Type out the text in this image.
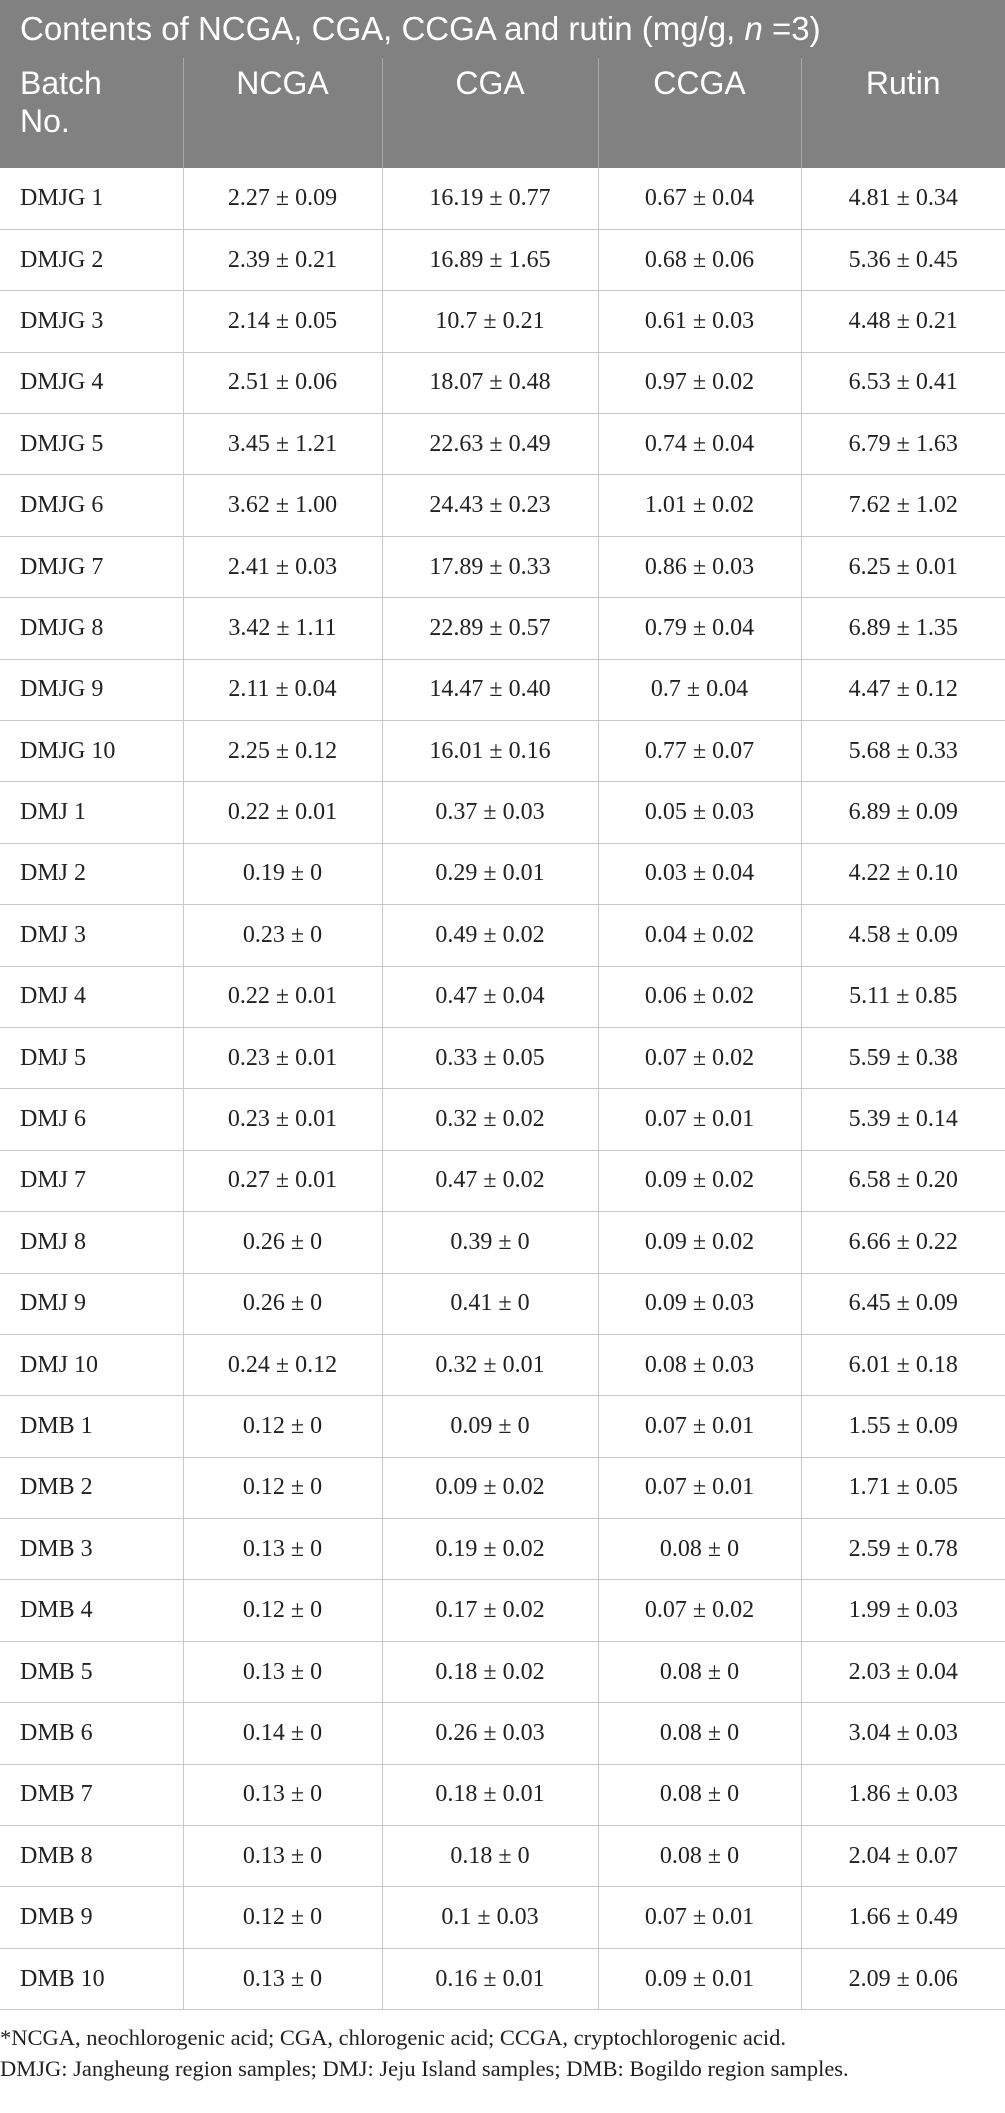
Contents of NCGA, CGA, CCGA and rutin (mg/g, n =3)
Batch No.	NCGA	CGA	CCGA	Rutin
DMJG 1	2.27 ± 0.09	16.19 ± 0.77	0.67 ± 0.04	4.81 ± 0.34
DMJG 2	2.39 ± 0.21	16.89 ± 1.65	0.68 ± 0.06	5.36 ± 0.45
DMJG 3	2.14 ± 0.05	10.7 ± 0.21	0.61 ± 0.03	4.48 ± 0.21
DMJG 4	2.51 ± 0.06	18.07 ± 0.48	0.97 ± 0.02	6.53 ± 0.41
DMJG 5	3.45 ± 1.21	22.63 ± 0.49	0.74 ± 0.04	6.79 ± 1.63
DMJG 6	3.62 ± 1.00	24.43 ± 0.23	1.01 ± 0.02	7.62 ± 1.02
DMJG 7	2.41 ± 0.03	17.89 ± 0.33	0.86 ± 0.03	6.25 ± 0.01
DMJG 8	3.42 ± 1.11	22.89 ± 0.57	0.79 ± 0.04	6.89 ± 1.35
DMJG 9	2.11 ± 0.04	14.47 ± 0.40	0.7 ± 0.04	4.47 ± 0.12
DMJG 10	2.25 ± 0.12	16.01 ± 0.16	0.77 ± 0.07	5.68 ± 0.33
DMJ 1	0.22 ± 0.01	0.37 ± 0.03	0.05 ± 0.03	6.89 ± 0.09
DMJ 2	0.19 ± 0	0.29 ± 0.01	0.03 ± 0.04	4.22 ± 0.10
DMJ 3	0.23 ± 0	0.49 ± 0.02	0.04 ± 0.02	4.58 ± 0.09
DMJ 4	0.22 ± 0.01	0.47 ± 0.04	0.06 ± 0.02	5.11 ± 0.85
DMJ 5	0.23 ± 0.01	0.33 ± 0.05	0.07 ± 0.02	5.59 ± 0.38
DMJ 6	0.23 ± 0.01	0.32 ± 0.02	0.07 ± 0.01	5.39 ± 0.14
DMJ 7	0.27 ± 0.01	0.47 ± 0.02	0.09 ± 0.02	6.58 ± 0.20
DMJ 8	0.26 ± 0	0.39 ± 0	0.09 ± 0.02	6.66 ± 0.22
DMJ 9	0.26 ± 0	0.41 ± 0	0.09 ± 0.03	6.45 ± 0.09
DMJ 10	0.24 ± 0.12	0.32 ± 0.01	0.08 ± 0.03	6.01 ± 0.18
DMB 1	0.12 ± 0	0.09 ± 0	0.07 ± 0.01	1.55 ± 0.09
DMB 2	0.12 ± 0	0.09 ± 0.02	0.07 ± 0.01	1.71 ± 0.05
DMB 3	0.13 ± 0	0.19 ± 0.02	0.08 ± 0	2.59 ± 0.78
DMB 4	0.12 ± 0	0.17 ± 0.02	0.07 ± 0.02	1.99 ± 0.03
DMB 5	0.13 ± 0	0.18 ± 0.02	0.08 ± 0	2.03 ± 0.04
DMB 6	0.14 ± 0	0.26 ± 0.03	0.08 ± 0	3.04 ± 0.03
DMB 7	0.13 ± 0	0.18 ± 0.01	0.08 ± 0	1.86 ± 0.03
DMB 8	0.13 ± 0	0.18 ± 0	0.08 ± 0	2.04 ± 0.07
DMB 9	0.12 ± 0	0.1 ± 0.03	0.07 ± 0.01	1.66 ± 0.49
DMB 10	0.13 ± 0	0.16 ± 0.01	0.09 ± 0.01	2.09 ± 0.06
*NCGA, neochlorogenic acid; CGA, chlorogenic acid; CCGA, cryptochlorogenic acid.
DMJG: Jangheung region samples; DMJ: Jeju Island samples; DMB: Bogildo region samples.
